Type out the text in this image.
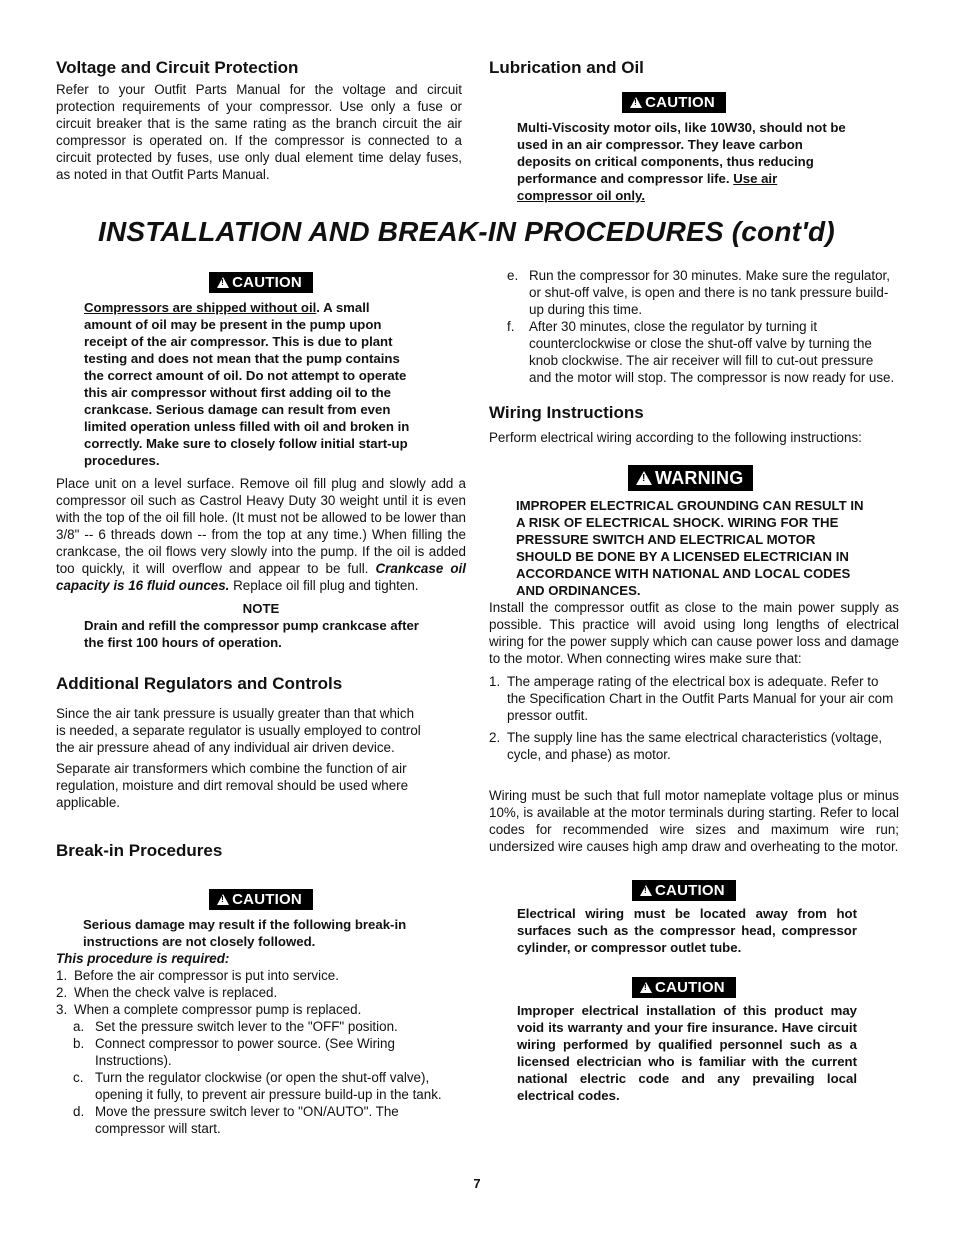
Voltage and Circuit Protection

Refer to your Outfit Parts Manual for the voltage and circuit protection requirements of your compressor. Use only a fuse or circuit breaker that is the same rating as the branch circuit the air compressor is operated on. If the compressor is connected to a circuit protected by fuses, use only dual element time delay fuses, as noted in that Outfit Parts Manual.

Lubrication and Oil
!CAUTION

Multi-Viscosity motor oils, like 10W30, should not be used in an air compressor. They leave carbon deposits on critical components, thus reducing performance and compressor life. Use air compressor oil only.

INSTALLATION AND BREAK-IN PROCEDURES (cont'd)
!CAUTION

Compressors are shipped without oil. A small amount of oil may be present in the pump upon receipt of the air compressor. This is due to plant testing and does not mean that the pump contains the correct amount of oil. Do not attempt to operate this air compressor without first adding oil to the crankcase. Serious damage can result from even limited operation unless filled with oil and broken in correctly. Make sure to closely follow initial start-up procedures.

Place unit on a level surface. Remove oil fill plug and slowly add a compressor oil such as Castrol Heavy Duty 30 weight until it is even with the top of the oil fill hole. (It must not be allowed to be lower than 3/8" -- 6 threads down -- from the top at any time.) When filling the crankcase, the oil flows very slowly into the pump. If the oil is added too quickly, it will overflow and appear to be full. Crankcase oil capacity is 16 fluid ounces. Replace oil fill plug and tighten.

NOTE

Drain and refill the compressor pump crankcase after the first 100 hours of operation.

Additional Regulators and Controls

Since the air tank pressure is usually greater than that which is needed, a separate regulator is usually employed to control the air pressure ahead of any individual air driven device.

Separate air transformers which combine the function of air regulation, moisture and dirt removal should be used where applicable.

Break-in Procedures
!CAUTION

Serious damage may result if the following break-in instructions are not closely followed.

This procedure is required:

1. Before the air compressor is put into service.
2. When the check valve is replaced.
3. When a complete compressor pump is replaced.
a. Set the pressure switch lever to the "OFF" position.
b. Connect compressor to power source. (See Wiring Instructions).
c. Turn the regulator clockwise (or open the shut-off valve), opening it fully, to prevent air pressure build-up in the tank.
d. Move the pressure switch lever to "ON/AUTO". The compressor will start.
e. Run the compressor for 30 minutes. Make sure the regulator, or shut-off valve, is open and there is no tank pressure build-up during this time.
f.	After 30 minutes, close the regulator by turning it counterclockwise or close the shut-off valve by turning the knob clockwise. The air receiver will fill to cut-out pressure and the motor will stop. The compressor is now ready for use.
Wiring Instructions

Perform electrical wiring according to the following instructions:

!WARNING

IMPROPER ELECTRICAL GROUNDING CAN RESULT IN A RISK OF ELECTRICAL SHOCK. WIRING FOR THE PRESSURE SWITCH AND ELECTRICAL MOTOR SHOULD BE DONE BY A LICENSED ELECTRICIAN IN ACCORDANCE WITH NATIONAL AND LOCAL CODES AND ORDINANCES.

Install the compressor outfit as close to the main power supply as possible. This practice will avoid using long lengths of electrical wiring for the power supply which can cause power loss and damage to the motor. When connecting wires make sure that:

1. The amperage rating of the electrical box is adequate. Refer to the Specification Chart in the Outfit Parts Manual for your air com pressor outfit.
2. The supply line has the same electrical characteristics (voltage, cycle, and phase) as motor.

Wiring must be such that full motor nameplate voltage plus or minus 10%, is available at the motor terminals during starting. Refer to local codes for recommended wire sizes and maximum wire run; undersized wire causes high amp draw and overheating to the motor.

!CAUTION

Electrical wiring must be located away from hot surfaces such as the compressor head, compressor cylinder, or compressor outlet tube.

!CAUTION

Improper electrical installation of this product may void its warranty and your fire insurance. Have circuit wiring performed by qualified personnel such as a licensed electrician who is familiar with the current national electric code and any prevailing local electrical codes.

7
